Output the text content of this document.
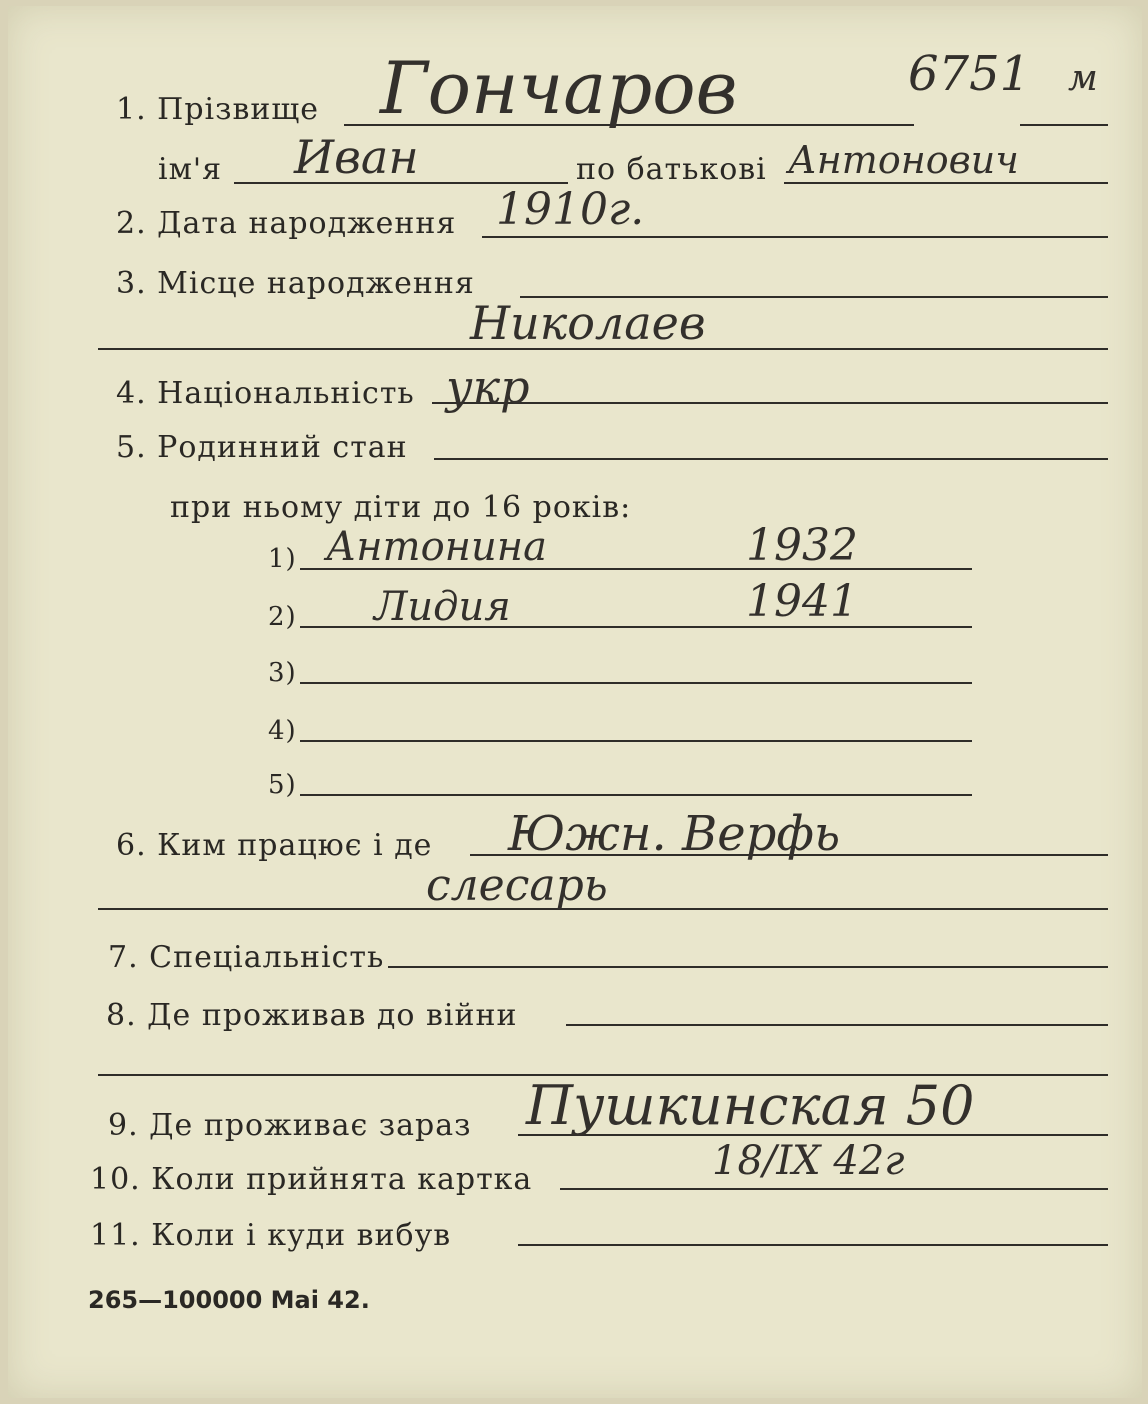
1. Прізвище Гончаров	6751 м
ім'я Иван	по батькові Антонович
2. Дата народження 1910г.
3. Місце народження
Николаев
4. Національність укр
5. Родинний стан
при ньому діти до 16 років:
1) Антонина	1932
2) Лидия	1941
3)
4)
5)
6. Ким працює і де Южн. Верфь
слесарь
7. Спеціальність
8. Де проживав до війни
9. Де проживає зараз Пушкинская 50
10. Коли прийнята картка	18/IX 42г
11. Коли і куди вибув
265—100000 Mai 42.
